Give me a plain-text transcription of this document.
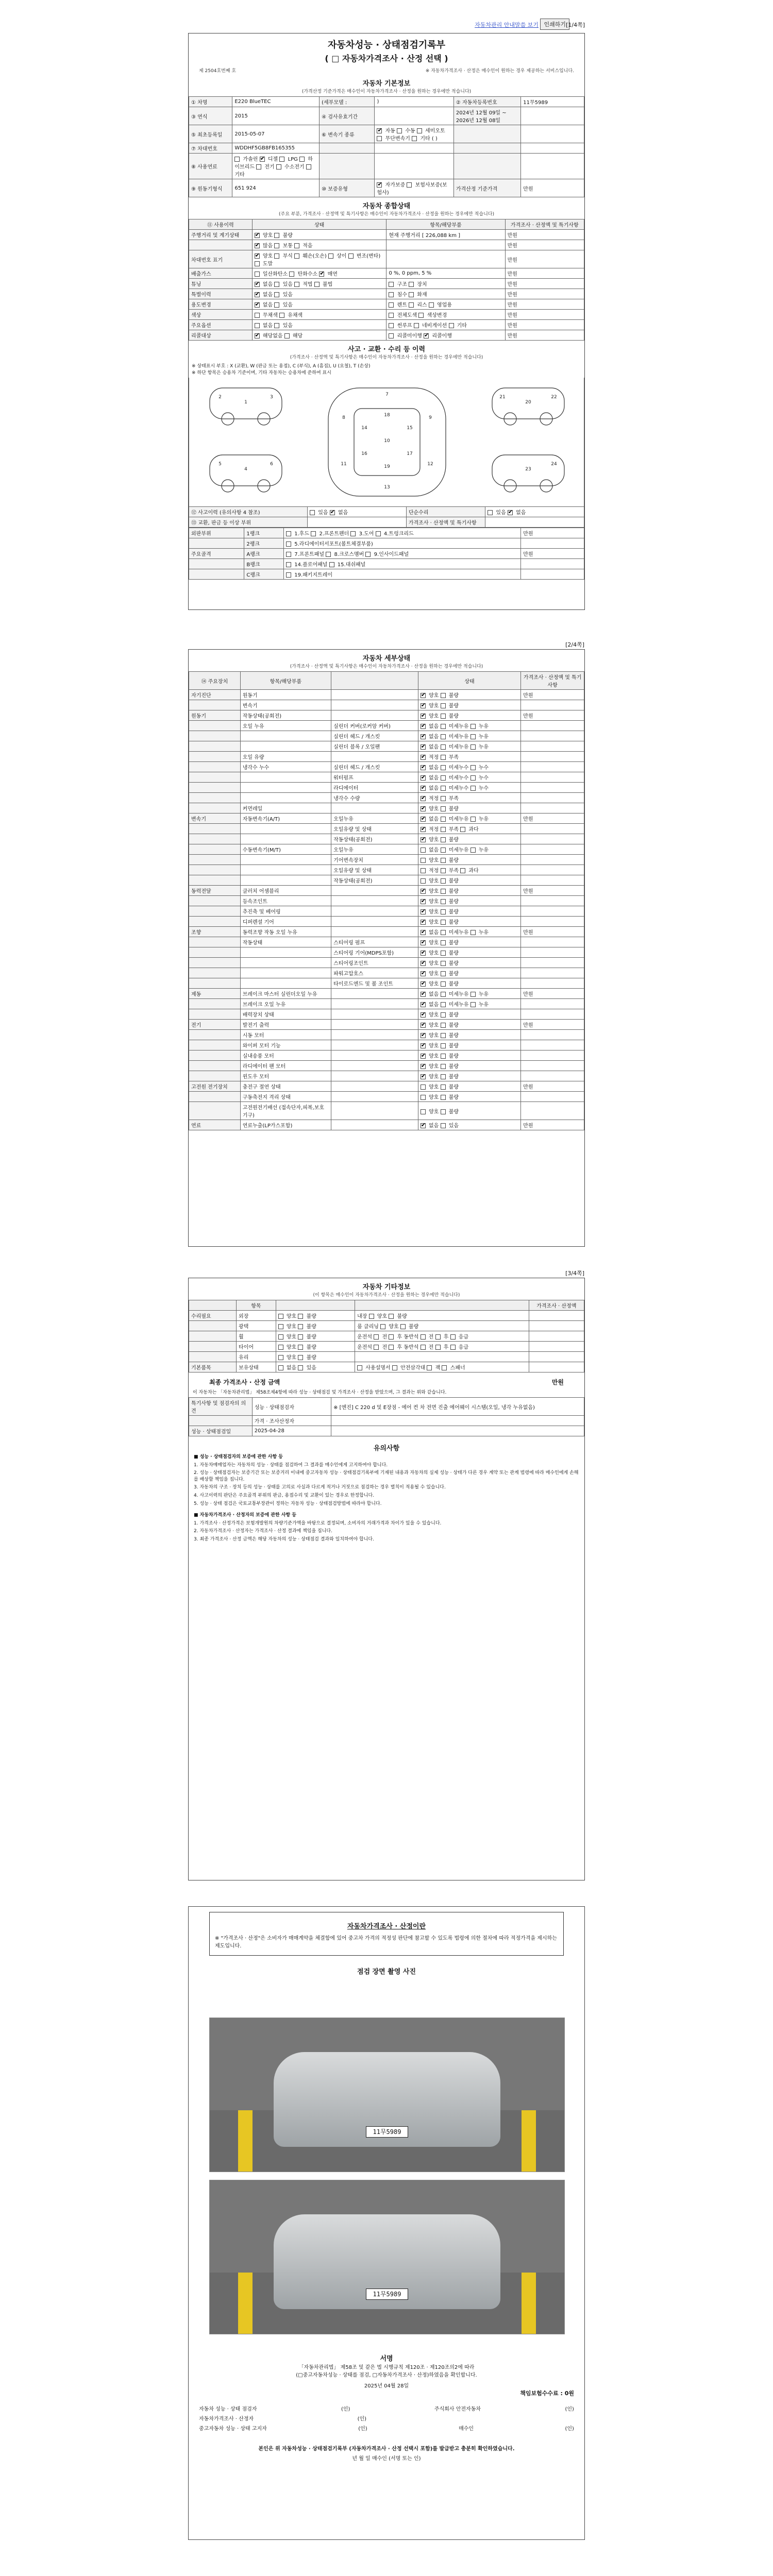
자동차관리 안내말씀 보기 인쇄하기 [1/4쪽]
자동차성능 · 상태점검기록부
( □ 자동차가격조사 · 산정 선택 )
제 2504호번째 호	※ 자동차가격조사 · 산정은 매수인이 원하는 경우 제공하는 서비스입니다.
자동차 기본정보
(가격산정 기준가격은 매수인이 자동차가격조사 · 산정을 원하는 경우에만 적습니다)
① 차명	E220 BlueTEC	(세부모델 :	)	② 자동차등록번호	11무5989
③ 연식	2015	④ 검사유효기간		2024년 12월 09일 ~ 2026년 12월 08일	
⑤ 최초등록일	2015-05-07	⑥ 변속기 종류	✔ 자동  수동  세미오토  무단변속기  기타 ( )		
⑦ 차대번호	WDDHF5GB8FB165355				
⑧ 사용연료	가솔린 ✔ 디젤  LPG  하이브리드  전기  수소전기  기타				
⑨ 원동기형식	651 924	⑩ 보증유형	✔ 자가보증  보험사보증(보험사)	가격산정 기준가격	만원
자동차 종합상태
(주요 부분, 가격조사 · 산정액 및 특기사항은 매수인이 자동차가격조사 · 산정을 원하는 경우에만 적습니다)
⑪ 사용이력	상태	항목/해당부품	가격조사 · 산정액 및 특기사항
주행거리 및 계기상태	✔ 양호  불량	현재 주행거리 [ 226,088 km ]	만원
	✔ 많음  보통  적음		만원
차대번호 표기	✔ 양호  부식  훼손(오손)  상이  변조(변타)  도말		만원
배출가스	일산화탄소  탄화수소 ✔ 매연	0 %, 0 ppm, 5 %	만원
튜닝	✔ 없음  있음  적법  불법	구조  장치	만원
특별이력	✔ 없음  있음	침수  화재	만원
용도변경	✔ 없음  있음	렌트  리스  영업용	만원
색상	무채색  유채색	전체도색  색상변경	만원
주요옵션	없음  있음	썬루프  네비게이션  기타	만원
리콜대상	✔ 해당없음  해당	리콜미이행 ✔ 리콜이행	만원
사고 · 교환 · 수리 등 이력
(가격조사 · 산정액 및 특기사항은 매수인이 자동차가격조사 · 산정을 원하는 경우에만 적습니다)
※ 상태표시 부호 : X (교환), W (판금 또는 용접), C (부식), A (흠집), U (요철), T (손상)
※ 하단 항목은 승용차 기준이며, 기타 자동차는 승용차에 준하여 표시
1
2	3
4
5	6
7
8	9
10
11	12
13
14	15
16	17
18
19
20
21	22
23
24
⑫ 사고이력 (유의사항 4 참조)	있음 ✔ 없음	단순수리	있음 ✔ 없음
⑬ 교환, 판금 등 이상 부위		가격조사 · 산정액 및 특기사항	
외판부위	1랭크	1.후드  2.프론트펜더  3.도어  4.트렁크리드	만원
	2랭크	5.라디에이터서포트(볼트체결부품)	
주요골격	A랭크	7.프론트패널  8.크로스멤버  9.인사이드패널	만원
	B랭크	14.플로어패널  15.대쉬패널	
	C랭크	19.패키지트레이	
[2/4쪽]
자동차 세부상태
(가격조사 · 산정액 및 특기사항은 매수인이 자동차가격조사 · 산정을 원하는 경우에만 적습니다)
⑭ 주요장치	항목/해당부품		상태	가격조사 · 산정액 및 특기사항
자기진단	원동기		✔ 양호  불량	만원
	변속기		✔ 양호  불량	
원동기	작동상태(공회전)		✔ 양호  불량	만원
	오일 누유	실린더 커버(로커암 커버)	✔ 없음  미세누유  누유	
		실린더 헤드 / 개스킷	✔ 없음  미세누유  누유	
		실린더 블록 / 오일팬	✔ 없음  미세누유  누유	
	오일 유량		✔ 적정  부족	
	냉각수 누수	실린더 헤드 / 개스킷	✔ 없음  미세누수  누수	
		워터펌프	✔ 없음  미세누수  누수	
		라디에이터	✔ 없음  미세누수  누수	
		냉각수 수량	✔ 적정  부족	
	커먼레일		✔ 양호  불량	
변속기	자동변속기(A/T)	오일누유	✔ 없음  미세누유  누유	만원
		오일유량 및 상태	✔ 적정  부족  과다	
		작동상태(공회전)	✔ 양호  불량	
	수동변속기(M/T)	오일누유	없음  미세누유  누유	
		기어변속장치	양호  불량	
		오일유량 및 상태	적정  부족  과다	
		작동상태(공회전)	양호  불량	
동력전달	클러치 어셈블리		✔ 양호  불량	만원
	등속조인트		✔ 양호  불량	
	추진축 및 베어링		✔ 양호  불량	
	디퍼렌셜 기어		✔ 양호  불량	
조향	동력조향 작동 오일 누유		✔ 없음  미세누유  누유	만원
	작동상태	스티어링 펌프	✔ 양호  불량	
		스티어링 기어(MDPS포함)	✔ 양호  불량	
		스티어링조인트	✔ 양호  불량	
		파워고압호스	✔ 양호  불량	
		타이로드엔드 및 볼 조인트	✔ 양호  불량	
제동	브레이크 마스터 실린더오일 누유		✔ 없음  미세누유  누유	만원
	브레이크 오일 누유		✔ 없음  미세누유  누유	
	배력장치 상태		✔ 양호  불량	
전기	발전기 출력		✔ 양호  불량	만원
	시동 모터		✔ 양호  불량	
	와이퍼 모터 기능		✔ 양호  불량	
	실내송풍 모터		✔ 양호  불량	
	라디에이터 팬 모터		✔ 양호  불량	
	윈도우 모터		✔ 양호  불량	
고전원 전기장치	충전구 절연 상태		양호  불량	만원
	구동축전지 격리 상태		양호  불량	
	고전원전기배선 (접속단자,피복,보호기구)		양호  불량	
연료	연료누출(LP가스포함)		✔ 없음  있음	만원
[3/4쪽]
자동차 기타정보
(이 항목은 매수인이 자동차가격조사 · 산정을 원하는 경우에만 적습니다)
	항목			가격조사 · 산정액
수리필요	외장	양호  불량	내장  양호  불량	
	광택	양호  불량	룸 클리닝  양호  불량	
	휠	양호  불량	운전석  전  후 동반석  전  후  응급	
	타이어	양호  불량	운전석  전  후 동반석  전  후  응급	
	유리	양호  불량		
기본품목	보유상태	없음  있음	사용설명서  안전삼각대  잭  스패너	
최종 가격조사 · 산정 금액	만원
이 자동차는 「자동차관리법」 제58조제4항에 따라 성능 · 상태점검 및 가격조사 · 산정을 받았으며, 그 결과는 위와 같습니다.
특기사항 및 점검자의 의견	성능 · 상태점검자	※ [엔진] C 220 d 및 E장점 - 에어 컨 차 전면 진출 에어웨이 시스템(오일, 냉각 누유없음)
	가격 · 조사산정자	
성능 · 상태점검일	2025-04-28	
유의사항

■ 성능 · 상태점검자의 보증에 관한 사항 등

1. 자동차매매업자는 자동차의 성능 · 상태를 점검하여 그 결과를 매수인에게 고지하여야 합니다.

2. 성능 · 상태점검자는 보증기간 또는 보증거리 이내에 중고자동차 성능 · 상태점검기록부에 기재된 내용과 자동차의 실제 성능 · 상태가 다른 경우 계약 또는 관계 법령에 따라 매수인에게 손해를 배상할 책임을 집니다.

3. 자동차의 구조 · 장치 등의 성능 · 상태를 고의로 사실과 다르게 적거나 거짓으로 점검하는 경우 벌칙이 적용될 수 있습니다.

4. 사고이력의 판단은 주요골격 부위의 판금, 용접수리 및 교환이 있는 경우로 한정합니다.

5. 성능 · 상태 점검은 국토교통부장관이 정하는 자동차 성능 · 상태점검방법에 따라야 합니다.

■ 자동차가격조사 · 산정자의 보증에 관한 사항 등

1. 가격조사 · 산정가격은 보험개발원의 차량기준가액을 바탕으로 결정되며, 소비자의 거래가격과 차이가 있을 수 있습니다.

2. 자동차가격조사 · 산정자는 가격조사 · 산정 결과에 책임을 집니다.

3. 최종 가격조사 · 산정 금액은 해당 자동차의 성능 · 상태점검 결과와 일치하여야 합니다.

자동차가격조사 · 산정이란
※ "가격조사 · 산정"은 소비자가 매매계약을 체결함에 있어 중고차 가격의 적정성 판단에 참고할 수 있도록 법령에 의한 절차에 따라 적정가격을 제시하는 제도입니다.
점검 장면 촬영 사진
11무5989
11무5989
서명
「자동차관리법」 제58조 및 같은 법 시행규칙 제120조 · 제120조의2에 따라
(□중고자동차성능 · 상태를 점검, □자동차가격조사 · 산정)하였음을 확인합니다.
2025년 04월 28일
책임보험수수료 : 0원
자동차 성능 · 상태 점검자	(인)	주식회사 안전자동차	(인)
자동차가격조사 · 산정자	(인)
중고자동차 성능 · 상태 고지자	(인)	매수인	(인)
본인은 위 자동차성능 · 상태점검기록부 (자동차가격조사 · 산정 선택시 포함)를 발급받고 충분히 확인하였습니다.
년 월 일 매수인 (서명 또는 인)
